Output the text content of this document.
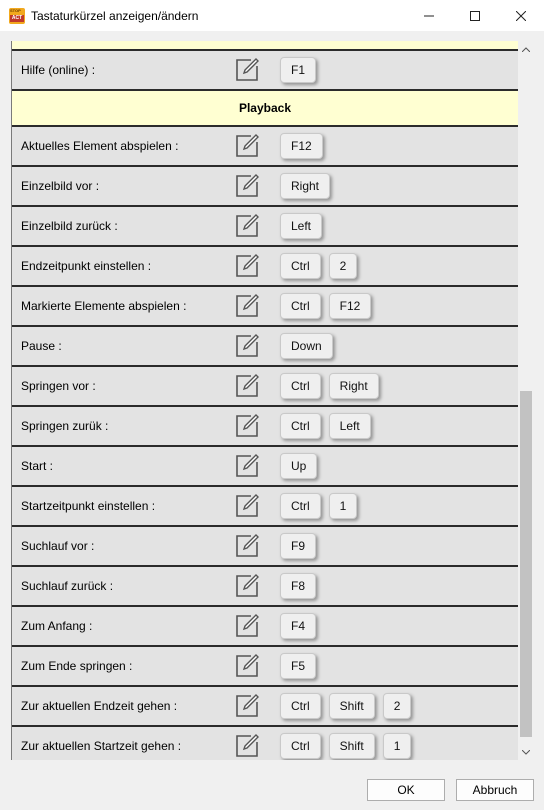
STOP
ACT Tastaturkürzel anzeigen/ändern
Hilfe (online) :	F1
Playback
Aktuelles Element abspielen :	F12
Einzelbild vor :	Right
Einzelbild zurück :	Left
Endzeitpunkt einstellen :	Ctrl	2
Markierte Elemente abspielen :	Ctrl	F12
Pause :	Down
Springen vor :	Ctrl	Right
Springen zurük :	Ctrl	Left
Start :	Up
Startzeitpunkt einstellen :	Ctrl	1
Suchlauf vor :	F9
Suchlauf zurück :	F8
Zum Anfang :	F4
Zum Ende springen :	F5
Zur aktuellen Endzeit gehen :	Ctrl	Shift	2
Zur aktuellen Startzeit gehen :	Ctrl	Shift	1
OK	Abbruch
